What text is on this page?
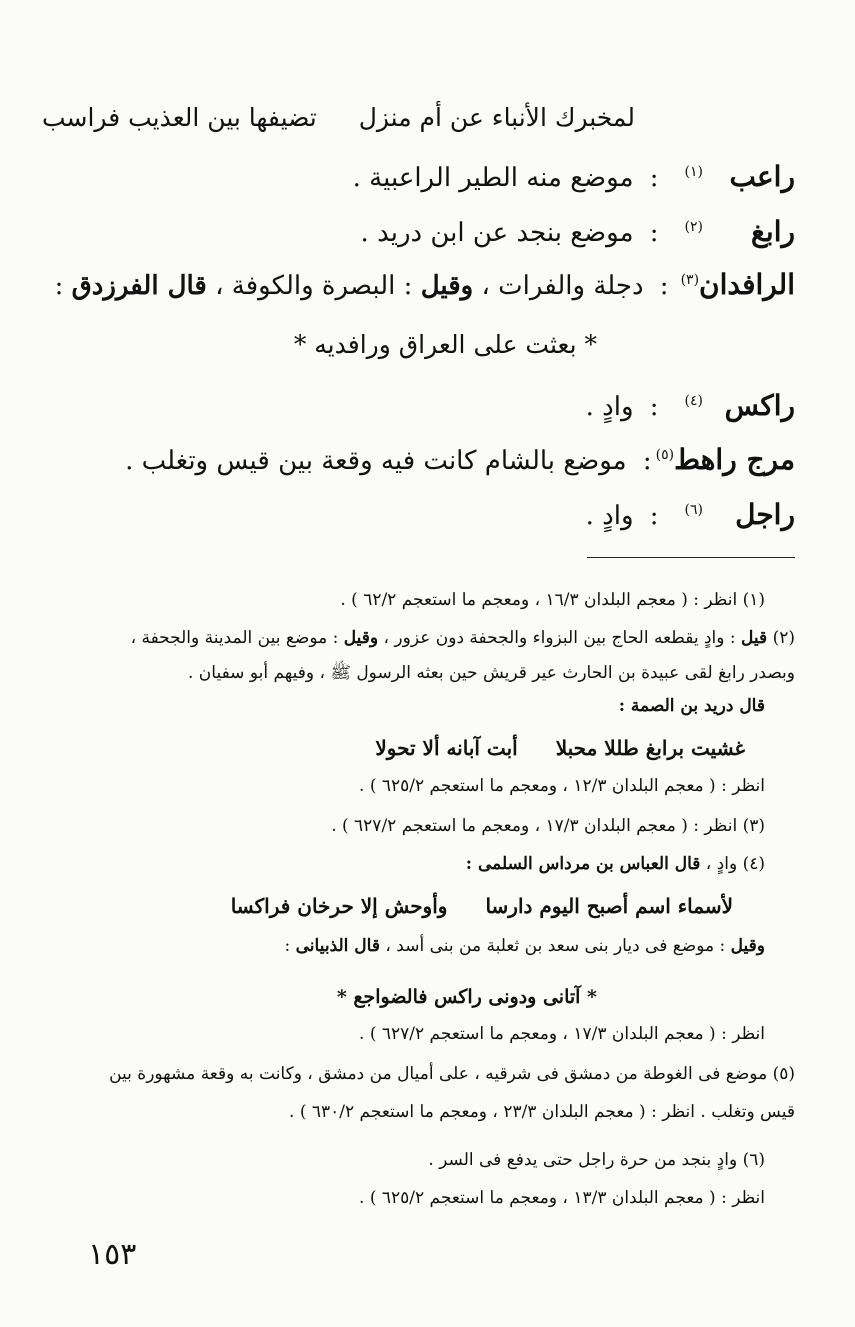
لمخبرك الأنباء عن أم منزل تضيفها بين العذيب فراسب
راعب$^{(١)}$: موضع منه الطير الراعبية .
رابغ$^{(٢)}$: موضع بنجد عن ابن دريد .
الرافدان$^{(٣)}$: دجلة والفرات ، وقيل : البصرة والكوفة ، قال الفرزدق :
* بعثت على العراق ورافديه *
راكس$^{(٤)}$: وادٍ .
مرج راهط$^{(٥)}$: موضع بالشام كانت فيه وقعة بين قيس وتغلب .
راجل$^{(٦)}$: وادٍ .
(١) انظر : ( معجم البلدان ١٦/٣ ، ومعجم ما استعجم ٦٢/٢ ) .
(٢) قيل : وادٍ يقطعه الحاج بين البزواء والجحفة دون عزور ، وقيل : موضع بين المدينة والجحفة ،
وبصدر رابغ لقى عبيدة بن الحارث عير قريش حين بعثه الرسول ﷺ ، وفيهم أبو سفيان .
قال دريد بن الصمة :
غشيت برابغ طللا محبلاأبت آبانه ألا تحولا
انظر : ( معجم البلدان ١٢/٣ ، ومعجم ما استعجم ٦٢٥/٢ ) .
(٣) انظر : ( معجم البلدان ١٧/٣ ، ومعجم ما استعجم ٦٢٧/٢ ) .
(٤) وادٍ ، قال العباس بن مرداس السلمى :
لأسماء اسم أصبح اليوم دارساوأوحش إلا حرخان فراكسا
وقيل : موضع فى ديار بنى سعد بن ثعلبة من بنى أسد ، قال الذبيانى :
* آتانى ودونى راكس فالضواجع *
انظر : ( معجم البلدان ١٧/٣ ، ومعجم ما استعجم ٦٢٧/٢ ) .
(٥) موضع فى الغوطة من دمشق فى شرقيه ، على أميال من دمشق ، وكانت به وقعة مشهورة بين
قيس وتغلب . انظر : ( معجم البلدان ٢٣/٣ ، ومعجم ما استعجم ٦٣٠/٢ ) .
(٦) وادٍ بنجد من حرة راجل حتى يدفع فى السر .
انظر : ( معجم البلدان ١٣/٣ ، ومعجم ما استعجم ٦٢٥/٢ ) .
١٥٣
